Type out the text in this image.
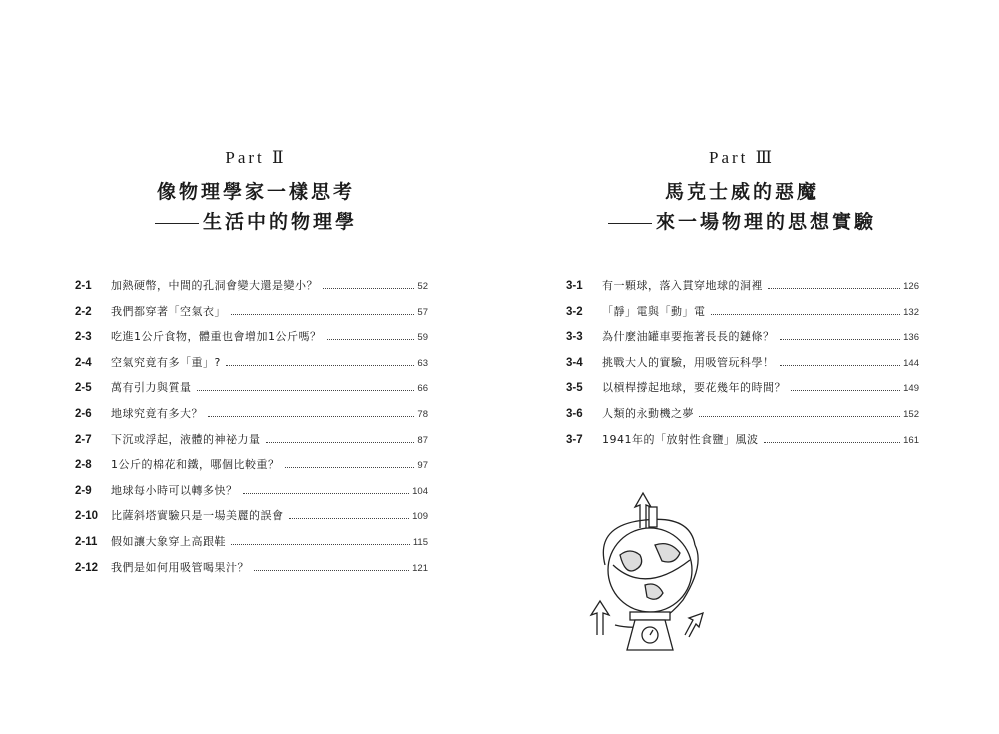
Part Ⅱ
像物理學家一樣思考
生活中的物理學
2-1	加熱硬幣，中間的孔洞會變大還是變小？	52
2-2	我們都穿著「空氣衣」	57
2-3	吃進1公斤食物，體重也會增加1公斤嗎？	59
2-4	空氣究竟有多「重」?	63
2-5	萬有引力與質量	66
2-6	地球究竟有多大？	78
2-7	下沉或浮起，液體的神祕力量	87
2-8	1公斤的棉花和鐵，哪個比較重？	97
2-9	地球每小時可以轉多快？	104
2-10	比薩斜塔實驗只是一場美麗的誤會	109
2-11	假如讓大象穿上高跟鞋	115
2-12	我們是如何用吸管喝果汁？	121
Part Ⅲ
馬克士威的惡魔
來一場物理的思想實驗
3-1	有一顆球，落入貫穿地球的洞裡	126
3-2	「靜」電與「動」電	132
3-3	為什麼油罐車要拖著長長的鏈條？	136
3-4	挑戰大人的實驗，用吸管玩科學！	144
3-5	以槓桿撐起地球，要花幾年的時間？	149
3-6	人類的永動機之夢	152
3-7	1941年的「放射性食鹽」風波	161
